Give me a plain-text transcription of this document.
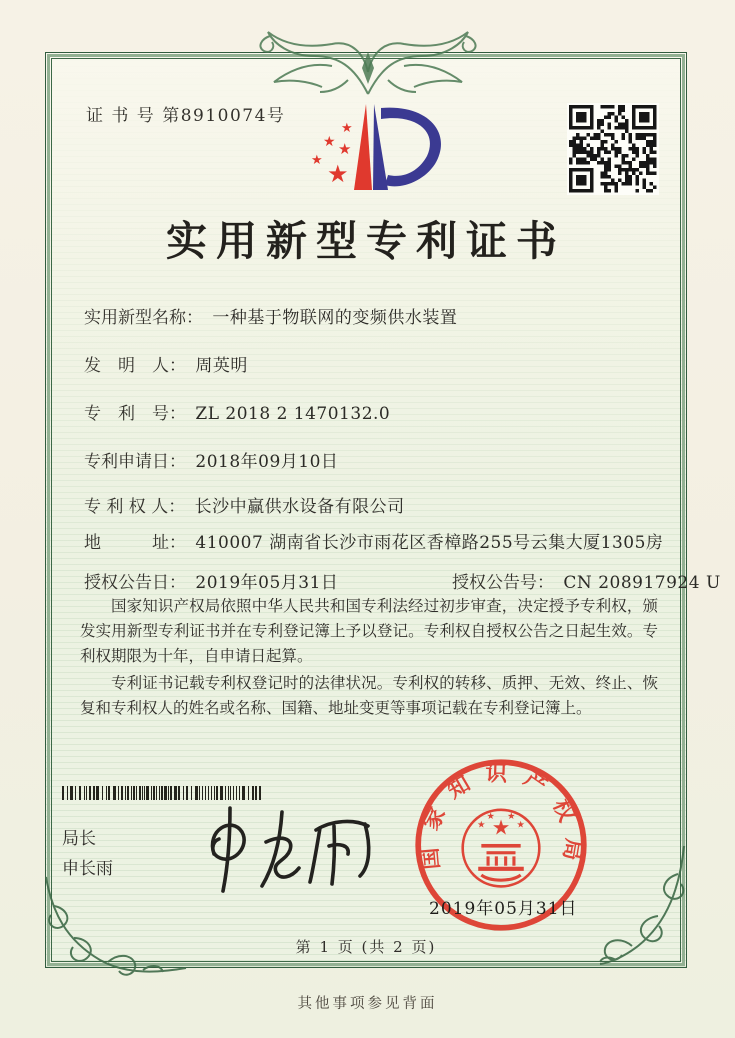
证 书 号 第8910074号
★
★ ★
★ ★
实用新型专利证书
实用新型名称： 一种基于物联网的变频供水装置
发　明　人： 周英明
专　利　号： ZL 2018 2 1470132.0
专利申请日： 2018年09月10日
专 利 权 人： 长沙中赢供水设备有限公司
地　　　址： 410007 湖南省长沙市雨花区香樟路255号云集大厦1305房
授权公告日： 2019年05月31日	授权公告号： CN 208917924 U

国家知识产权局依照中华人民共和国专利法经过初步审查，决定授予专利权，颁发实用新型专利证书并在专利登记簿上予以登记。专利权自授权公告之日起生效。专利权期限为十年，自申请日起算。

专利证书记载专利权登记时的法律状况。专利权的转移、质押、无效、终止、恢复和专利权人的姓名或名称、国籍、地址变更等事项记载在专利登记簿上。

局长
申长雨	国家知识产权局
★
★
★ ★
★
2019年05月31日
第 1 页 (共 2 页)
其他事项参见背面
